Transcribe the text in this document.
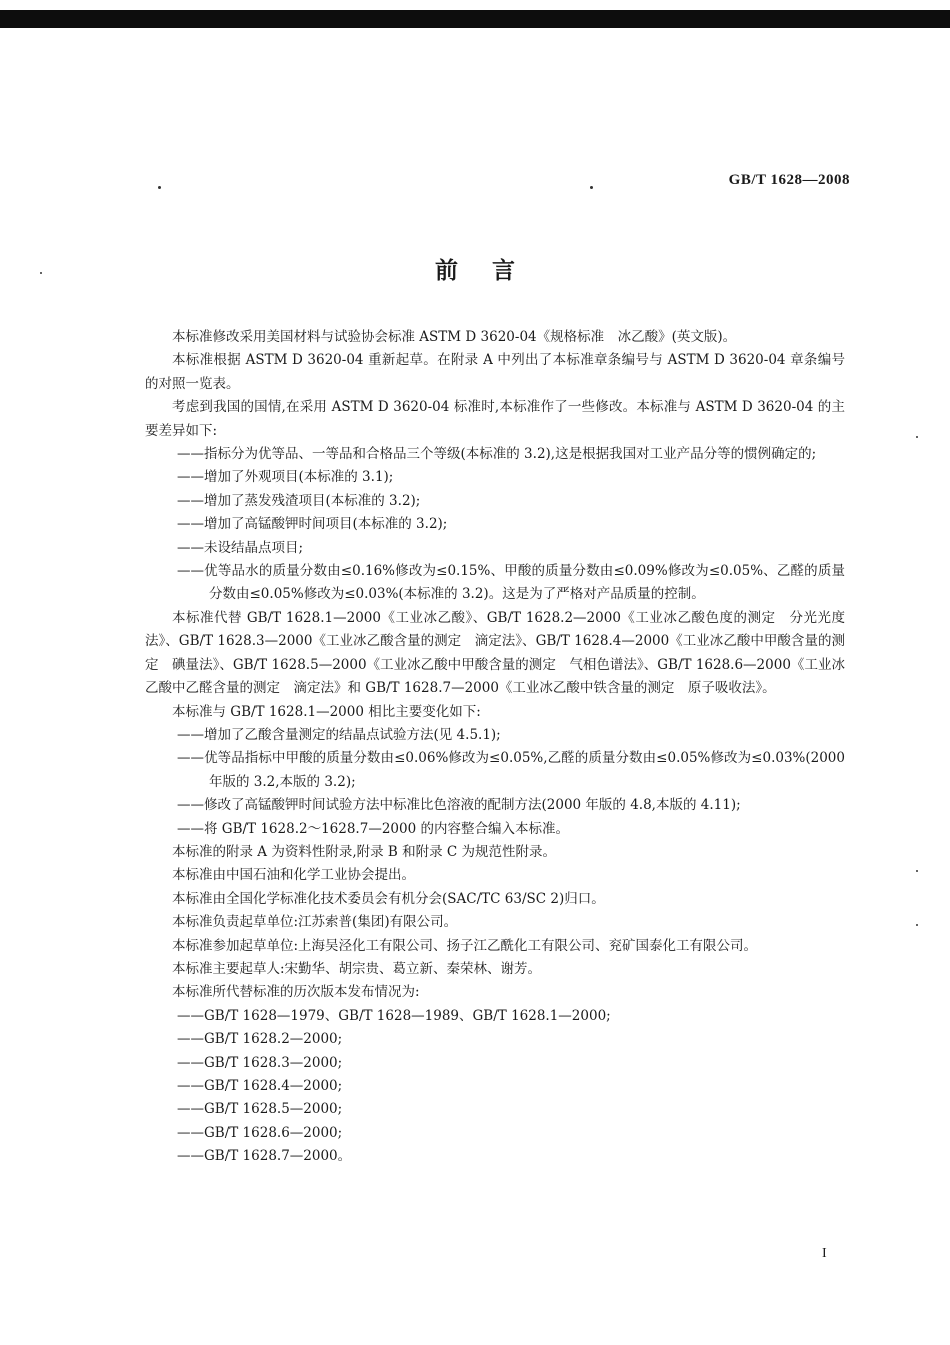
GB/T 1628—2008
前言

本标准修改采用美国材料与试验协会标准 ASTM D 3620-04《规格标准　冰乙酸》(英文版)。

本标准根据 ASTM D 3620-04 重新起草。在附录 A 中列出了本标准章条编号与 ASTM D 3620-04 章条编号的对照一览表。

考虑到我国的国情,在采用 ASTM D 3620-04 标准时,本标准作了一些修改。本标准与 ASTM D 3620-04 的主要差异如下:

——指标分为优等品、一等品和合格品三个等级(本标准的 3.2),这是根据我国对工业产品分等的惯例确定的;

——增加了外观项目(本标准的 3.1);

——增加了蒸发残渣项目(本标准的 3.2);

——增加了高锰酸钾时间项目(本标准的 3.2);

——未设结晶点项目;

——优等品水的质量分数由≤0.16%修改为≤0.15%、甲酸的质量分数由≤0.09%修改为≤0.05%、乙醛的质量分数由≤0.05%修改为≤0.03%(本标准的 3.2)。这是为了严格对产品质量的控制。

本标准代替 GB/T 1628.1—2000《工业冰乙酸》、GB/T 1628.2—2000《工业冰乙酸色度的测定　分光光度法》、GB/T 1628.3—2000《工业冰乙酸含量的测定　滴定法》、GB/T 1628.4—2000《工业冰乙酸中甲酸含量的测定　碘量法》、GB/T 1628.5—2000《工业冰乙酸中甲酸含量的测定　气相色谱法》、GB/T 1628.6—2000《工业冰乙酸中乙醛含量的测定　滴定法》和 GB/T 1628.7—2000《工业冰乙酸中铁含量的测定　原子吸收法》。

本标准与 GB/T 1628.1—2000 相比主要变化如下:

——增加了乙酸含量测定的结晶点试验方法(见 4.5.1);

——优等品指标中甲酸的质量分数由≤0.06%修改为≤0.05%,乙醛的质量分数由≤0.05%修改为≤0.03%(2000 年版的 3.2,本版的 3.2);

——修改了高锰酸钾时间试验方法中标准比色溶液的配制方法(2000 年版的 4.8,本版的 4.11);

——将 GB/T 1628.2～1628.7—2000 的内容整合编入本标准。

本标准的附录 A 为资料性附录,附录 B 和附录 C 为规范性附录。

本标准由中国石油和化学工业协会提出。

本标准由全国化学标准化技术委员会有机分会(SAC/TC 63/SC 2)归口。

本标准负责起草单位:江苏索普(集团)有限公司。

本标准参加起草单位:上海吴泾化工有限公司、扬子江乙酰化工有限公司、兖矿国泰化工有限公司。

本标准主要起草人:宋勤华、胡宗贵、葛立新、秦荣林、谢芳。

本标准所代替标准的历次版本发布情况为:

——GB/T 1628—1979、GB/T 1628—1989、GB/T 1628.1—2000;

——GB/T 1628.2—2000;

——GB/T 1628.3—2000;

——GB/T 1628.4—2000;

——GB/T 1628.5—2000;

——GB/T 1628.6—2000;

——GB/T 1628.7—2000。

I
